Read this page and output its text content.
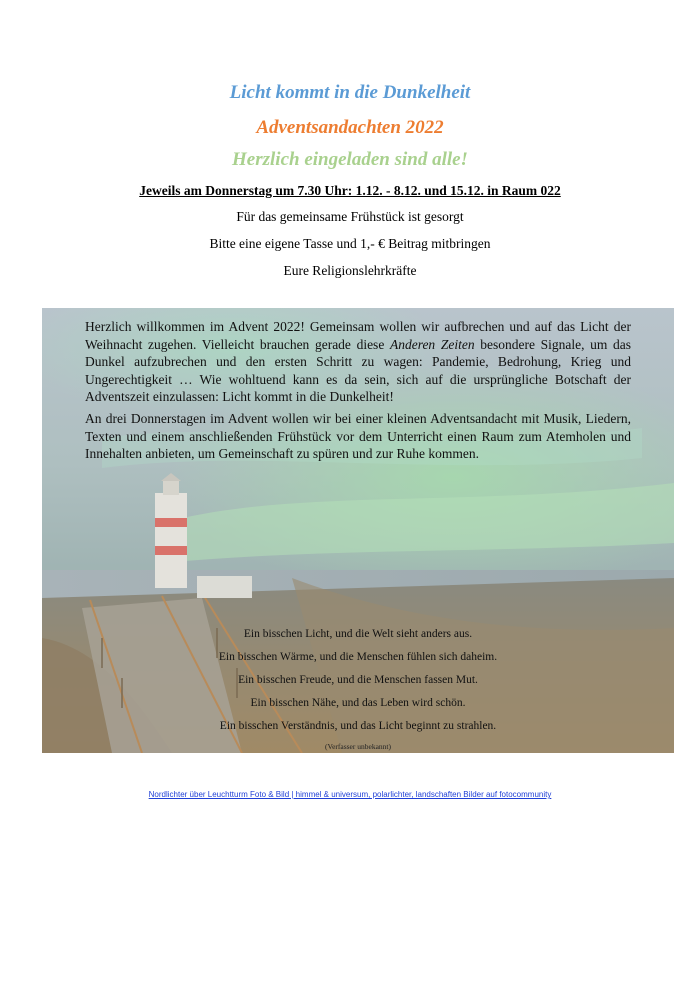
Licht kommt in die Dunkelheit
Adventsandachten 2022
Herzlich eingeladen sind alle!
Jeweils am Donnerstag um 7.30 Uhr: 1.12. - 8.12. und 15.12. in Raum 022
Für das gemeinsame Frühstück ist gesorgt
Bitte eine eigene Tasse und 1,- € Beitrag mitbringen
Eure Religionslehrkräfte
Herzlich willkommen im Advent 2022! Gemeinsam wollen wir aufbrechen und auf das Licht der Weihnacht zugehen. Vielleicht brauchen gerade diese Anderen Zeiten besondere Signale, um das Dunkel aufzubrechen und den ersten Schritt zu wagen: Pandemie, Bedrohung, Krieg und Ungerechtigkeit … Wie wohltuend kann es da sein, sich auf die ursprüngliche Botschaft der Adventszeit einzulassen: Licht kommt in die Dunkelheit!
An drei Donnerstagen im Advent wollen wir bei einer kleinen Adventsandacht mit Musik, Liedern, Texten und einem anschließenden Frühstück vor dem Unterricht einen Raum zum Atemholen und Innehalten anbieten, um Gemeinschaft zu spüren und zur Ruhe kommen.
Ein bisschen Licht, und die Welt sieht anders aus.
Ein bisschen Wärme, und die Menschen fühlen sich daheim.
Ein bisschen Freude, und die Menschen fassen Mut.
Ein bisschen Nähe, und das Leben wird schön.
Ein bisschen Verständnis, und das Licht beginnt zu strahlen.
(Verfasser unbekannt)
Nordlichter über Leuchtturm Foto & Bild | himmel & universum, polarlichter, landschaften Bilder auf fotocommunity
